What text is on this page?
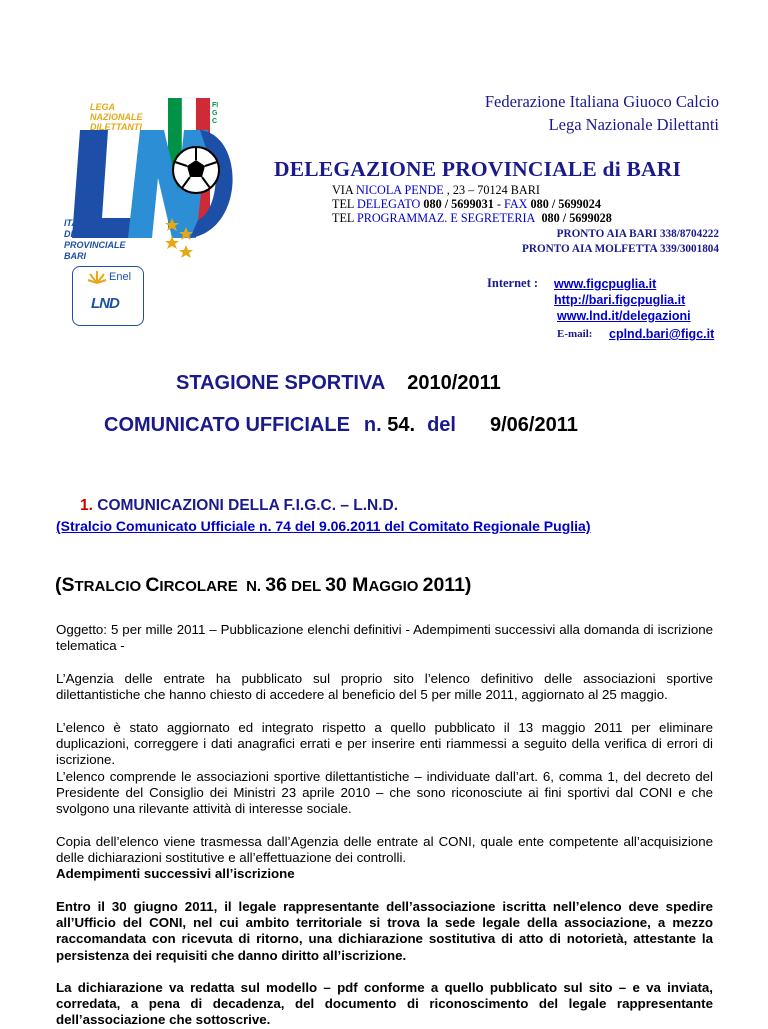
LEGA
NAZIONALE
DILETTANTI
FIGC
ITALY
DELEGAZIONE
PROVINCIALE
BARI
Enel
LND
Federazione Italiana Giuoco Calcio
Lega Nazionale Dilettanti
DELEGAZIONE PROVINCIALE di BARI
VIA NICOLA PENDE , 23 – 70124 BARI
TEL DELEGATO 080 / 5699031 - FAX 080 / 5699024
TEL PROGRAMMAZ. E SEGRETERIA 080 / 5699028
PRONTO AIA BARI 338/8704222
PRONTO AIA MOLFETTA 339/3001804
Internet : www.figcpuglia.it
http://bari.figcpuglia.it
www.lnd.it/delegazioni
E-mail: cplnd.bari@figc.it
STAGIONE SPORTIVA 2010/2011
COMUNICATO UFFICIALE n. 54. del 9/06/2011
1. COMUNICAZIONI DELLA F.I.G.C. – L.N.D.
(Stralcio Comunicato Ufficiale n. 74 del 9.06.2011 del Comitato Regionale Puglia)
(STRALCIO CIRCOLARE  N. 36 DEL 30 MAGGIO 2011)
Oggetto: 5 per mille 2011 – Pubblicazione elenchi definitivi - Adempimenti successivi alla domanda di iscrizione telematica -
L’Agenzia delle entrate ha pubblicato sul proprio sito l’elenco definitivo delle associazioni sportive dilettantistiche che hanno chiesto di accedere al beneficio del 5 per mille 2011, aggiornato al 25 maggio.
L’elenco è stato aggiornato ed integrato rispetto a quello pubblicato il 13 maggio 2011 per eliminare duplicazioni, correggere i dati anagrafici errati e per inserire enti riammessi a seguito della verifica di errori di iscrizione.
L’elenco comprende le associazioni sportive dilettantistiche – individuate dall’art. 6, comma 1, del decreto del Presidente del Consiglio dei Ministri 23 aprile 2010 – che sono riconosciute ai fini sportivi dal CONI e che svolgono una rilevante attività di interesse sociale.
Copia dell’elenco viene trasmessa dall’Agenzia delle entrate al CONI, quale ente competente all’acquisizione delle dichiarazioni sostitutive e all’effettuazione dei controlli.
Adempimenti successivi all’iscrizione
Entro il 30 giugno 2011, il legale rappresentante dell’associazione iscritta nell’elenco deve spedire all’Ufficio del CONI, nel cui ambito territoriale si trova la sede legale della associazione, a mezzo raccomandata con ricevuta di ritorno, una dichiarazione sostitutiva di atto di notorietà, attestante la persistenza dei requisiti che danno diritto all’iscrizione.
La dichiarazione va redatta sul modello – pdf conforme a quello pubblicato sul sito – e va inviata, corredata, a pena di decadenza, del documento di riconoscimento del legale rappresentante dell’associazione che sottoscrive.
